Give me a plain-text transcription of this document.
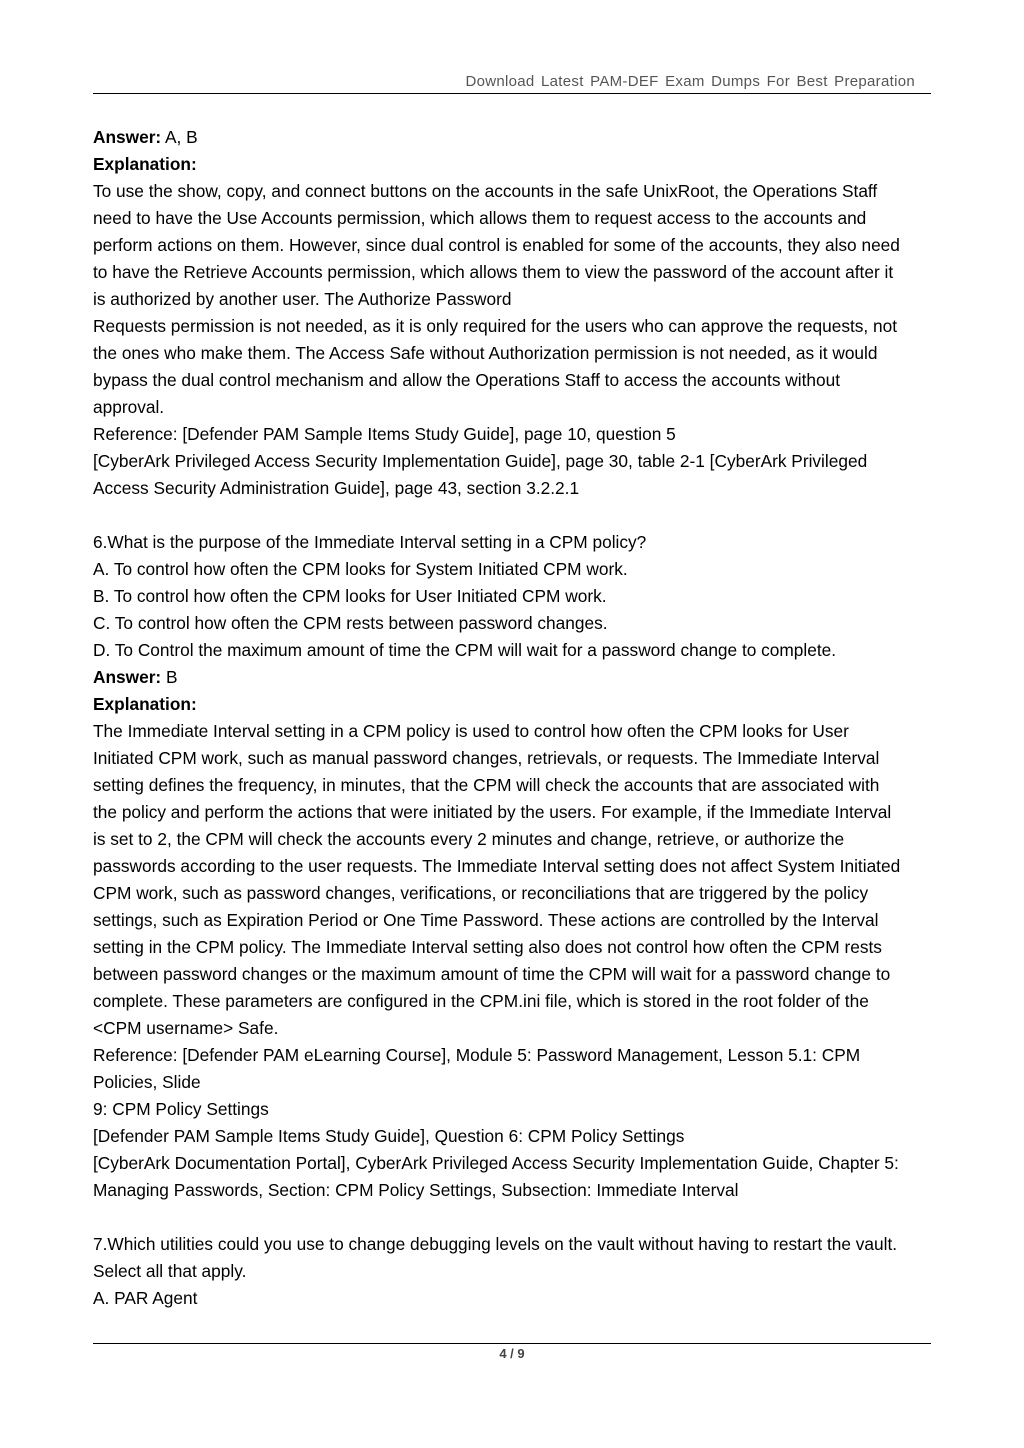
Download Latest PAM-DEF Exam Dumps For Best Preparation
Answer: A, B
Explanation:
To use the show, copy, and connect buttons on the accounts in the safe UnixRoot, the Operations Staff
need to have the Use Accounts permission, which allows them to request access to the accounts and
perform actions on them. However, since dual control is enabled for some of the accounts, they also need
to have the Retrieve Accounts permission, which allows them to view the password of the account after it
is authorized by another user. The Authorize Password
Requests permission is not needed, as it is only required for the users who can approve the requests, not
the ones who make them. The Access Safe without Authorization permission is not needed, as it would
bypass the dual control mechanism and allow the Operations Staff to access the accounts without
approval.
Reference: [Defender PAM Sample Items Study Guide], page 10, question 5
[CyberArk Privileged Access Security Implementation Guide], page 30, table 2-1 [CyberArk Privileged
Access Security Administration Guide], page 43, section 3.2.2.1
6.What is the purpose of the Immediate Interval setting in a CPM policy?
A. To control how often the CPM looks for System Initiated CPM work.
B. To control how often the CPM looks for User Initiated CPM work.
C. To control how often the CPM rests between password changes.
D. To Control the maximum amount of time the CPM will wait for a password change to complete.
Answer: B
Explanation:
The Immediate Interval setting in a CPM policy is used to control how often the CPM looks for User
Initiated CPM work, such as manual password changes, retrievals, or requests. The Immediate Interval
setting defines the frequency, in minutes, that the CPM will check the accounts that are associated with
the policy and perform the actions that were initiated by the users. For example, if the Immediate Interval
is set to 2, the CPM will check the accounts every 2 minutes and change, retrieve, or authorize the
passwords according to the user requests. The Immediate Interval setting does not affect System Initiated
CPM work, such as password changes, verifications, or reconciliations that are triggered by the policy
settings, such as Expiration Period or One Time Password. These actions are controlled by the Interval
setting in the CPM policy. The Immediate Interval setting also does not control how often the CPM rests
between password changes or the maximum amount of time the CPM will wait for a password change to
complete. These parameters are configured in the CPM.ini file, which is stored in the root folder of the
<CPM username> Safe.
Reference: [Defender PAM eLearning Course], Module 5: Password Management, Lesson 5.1: CPM
Policies, Slide
9: CPM Policy Settings
[Defender PAM Sample Items Study Guide], Question 6: CPM Policy Settings
[CyberArk Documentation Portal], CyberArk Privileged Access Security Implementation Guide, Chapter 5:
Managing Passwords, Section: CPM Policy Settings, Subsection: Immediate Interval
7.Which utilities could you use to change debugging levels on the vault without having to restart the vault.
Select all that apply.
A. PAR Agent
4 / 9
